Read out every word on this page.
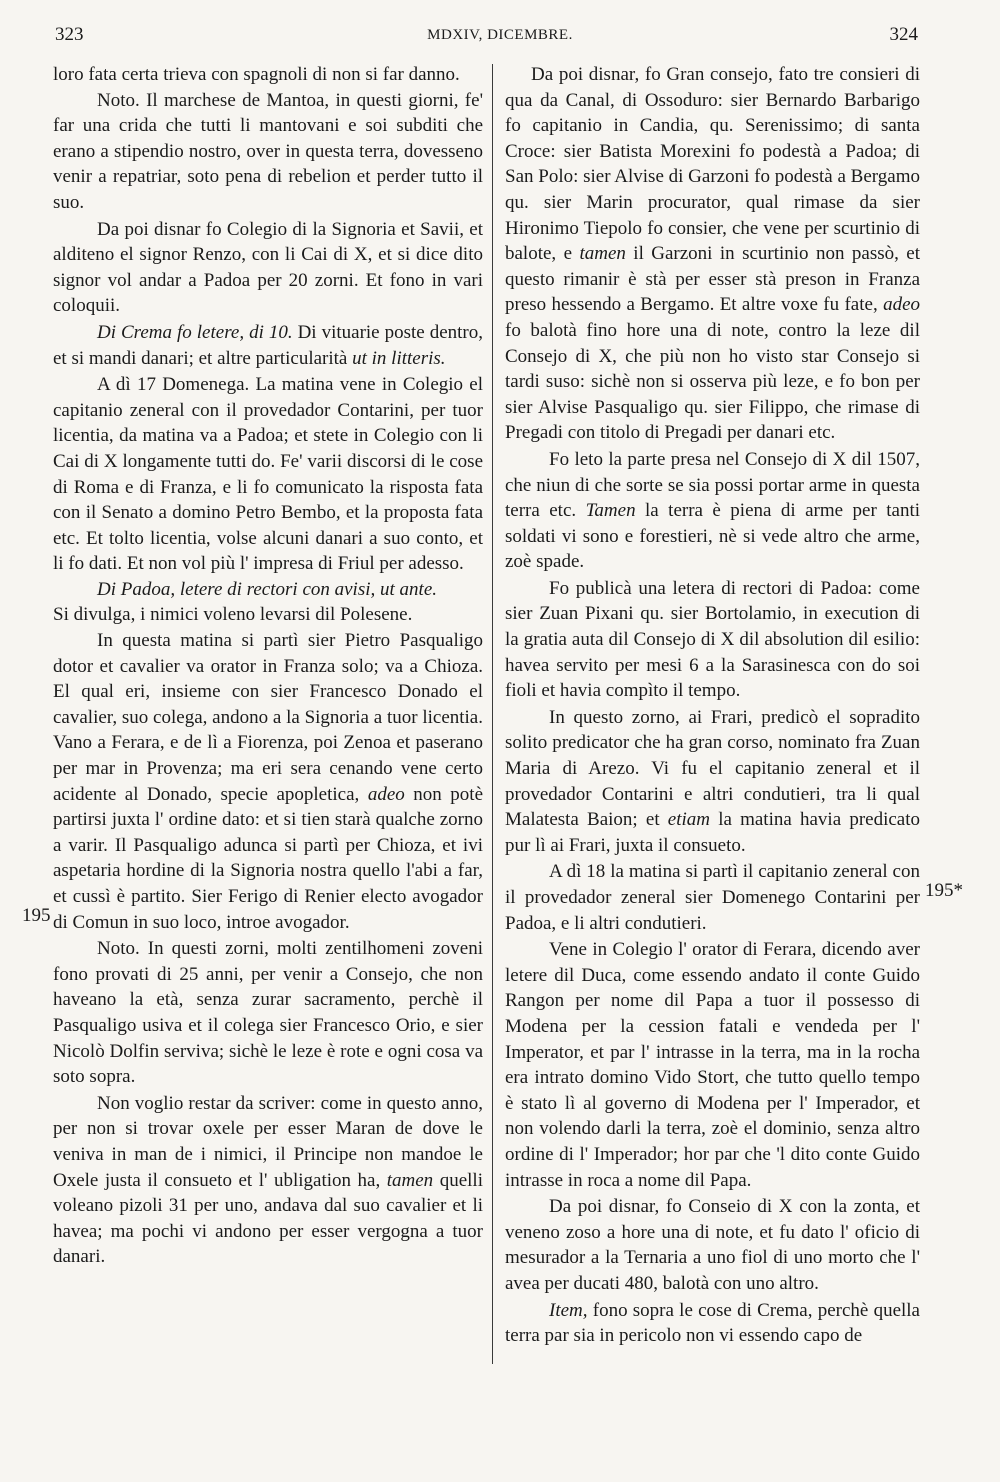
323	MDXIV, DICEMBRE.	324
195
195*

loro fata certa trieva con spagnoli di non si far danno.

Noto. Il marchese de Mantoa, in questi giorni, fe' far una crida che tutti li mantovani e soi subditi che erano a stipendio nostro, over in questa terra, dovesseno venir a repatriar, soto pena di rebelion et perder tutto il suo.

Da poi disnar fo Colegio di la Signoria et Savii, et alditeno el signor Renzo, con li Cai di X, et si dice dito signor vol andar a Padoa per 20 zorni. Et fono in vari coloquii.

Di Crema fo letere, di 10. Di vituarie poste dentro, et si mandi danari; et altre particularità ut in litteris.

A dì 17 Domenega. La matina vene in Colegio el capitanio zeneral con il provedador Contarini, per tuor licentia, da matina va a Padoa; et stete in Colegio con li Cai di X longamente tutti do. Fe' varii discorsi di le cose di Roma e di Franza, e li fo comunicato la risposta fata con il Senato a domino Petro Bembo, et la proposta fata etc. Et tolto licentia, volse alcuni danari a suo conto, et li fo dati. Et non vol più l' impresa di Friul per adesso.

Di Padoa, letere di rectori con avisi, ut ante.

Si divulga, i nimici voleno levarsi dil Polesene.

In questa matina si partì sier Pietro Pasqualigo dotor et cavalier va orator in Franza solo; va a Chioza. El qual eri, insieme con sier Francesco Donado el cavalier, suo colega, andono a la Signoria a tuor licentia. Vano a Ferara, e de lì a Fiorenza, poi Zenoa et paserano per mar in Provenza; ma eri sera cenando vene certo acidente al Donado, specie apopletica, adeo non potè partirsi juxta l' ordine dato: et si tien starà qualche zorno a varir. Il Pasqualigo adunca si partì per Chioza, et ivi aspetaria hordine di la Signoria nostra quello l'abi a far, et cussì è partito. Sier Ferigo di Renier electo avogador di Comun in suo loco, introe avogador.

Noto. In questi zorni, molti zentilhomeni zoveni fono provati di 25 anni, per venir a Consejo, che non haveano la età, senza zurar sacramento, perchè il Pasqualigo usiva et il colega sier Francesco Orio, e sier Nicolò Dolfin serviva; sichè le leze è rote e ogni cosa va soto sopra.

Non voglio restar da scriver: come in questo anno, per non si trovar oxele per esser Maran de dove le veniva in man de i nimici, il Principe non mandoe le Oxele justa il consueto et l' ubligation ha, tamen quelli voleano pizoli 31 per uno, andava dal suo cavalier et li havea; ma pochi vi andono per esser vergogna a tuor danari.

Da poi disnar, fo Gran consejo, fato tre consieri di qua da Canal, di Ossoduro: sier Bernardo Barbarigo fo capitanio in Candia, qu. Serenissimo; di santa Croce: sier Batista Morexini fo podestà a Padoa; di San Polo: sier Alvise di Garzoni fo podestà a Bergamo qu. sier Marin procurator, qual rimase da sier Hironimo Tiepolo fo consier, che vene per scurtinio di balote, e tamen il Garzoni in scurtinio non passò, et questo rimanir è stà per esser stà preson in Franza preso hessendo a Bergamo. Et altre voxe fu fate, adeo fo balotà fino hore una di note, contro la leze dil Consejo di X, che più non ho visto star Consejo si tardi suso: sichè non si osserva più leze, e fo bon per sier Alvise Pasqualigo qu. sier Filippo, che rimase di Pregadi con titolo di Pregadi per danari etc.

Fo leto la parte presa nel Consejo di X dil 1507, che niun di che sorte se sia possi portar arme in questa terra etc. Tamen la terra è piena di arme per tanti soldati vi sono e forestieri, nè si vede altro che arme, zoè spade.

Fo publicà una letera di rectori di Padoa: come sier Zuan Pixani qu. sier Bortolamio, in execution di la gratia auta dil Consejo di X dil absolution dil esilio: havea servito per mesi 6 a la Sarasinesca con do soi fioli et havia compìto il tempo.

In questo zorno, ai Frari, predicò el sopradito solito predicator che ha gran corso, nominato fra Zuan Maria di Arezo. Vi fu el capitanio zeneral et il provedador Contarini e altri condutieri, tra li qual Malatesta Baion; et etiam la matina havia predicato pur lì ai Frari, juxta il consueto.

A dì 18 la matina si partì il capitanio zeneral con il provedador zeneral sier Domenego Contarini per Padoa, e li altri condutieri.

Vene in Colegio l' orator di Ferara, dicendo aver letere dil Duca, come essendo andato il conte Guido Rangon per nome dil Papa a tuor il possesso di Modena per la cession fatali e vendeda per l' Imperator, et par l' intrasse in la terra, ma in la rocha era intrato domino Vido Stort, che tutto quello tempo è stato lì al governo di Modena per l' Imperador, et non volendo darli la terra, zoè el dominio, senza altro ordine di l' Imperador; hor par che 'l dito conte Guido intrasse in roca a nome dil Papa.

Da poi disnar, fo Conseio di X con la zonta, et veneno zoso a hore una di note, et fu dato l' oficio di mesurador a la Ternaria a uno fiol di uno morto che l' avea per ducati 480, balotà con uno altro.

Item, fono sopra le cose di Crema, perchè quella terra par sia in pericolo non vi essendo capo de
